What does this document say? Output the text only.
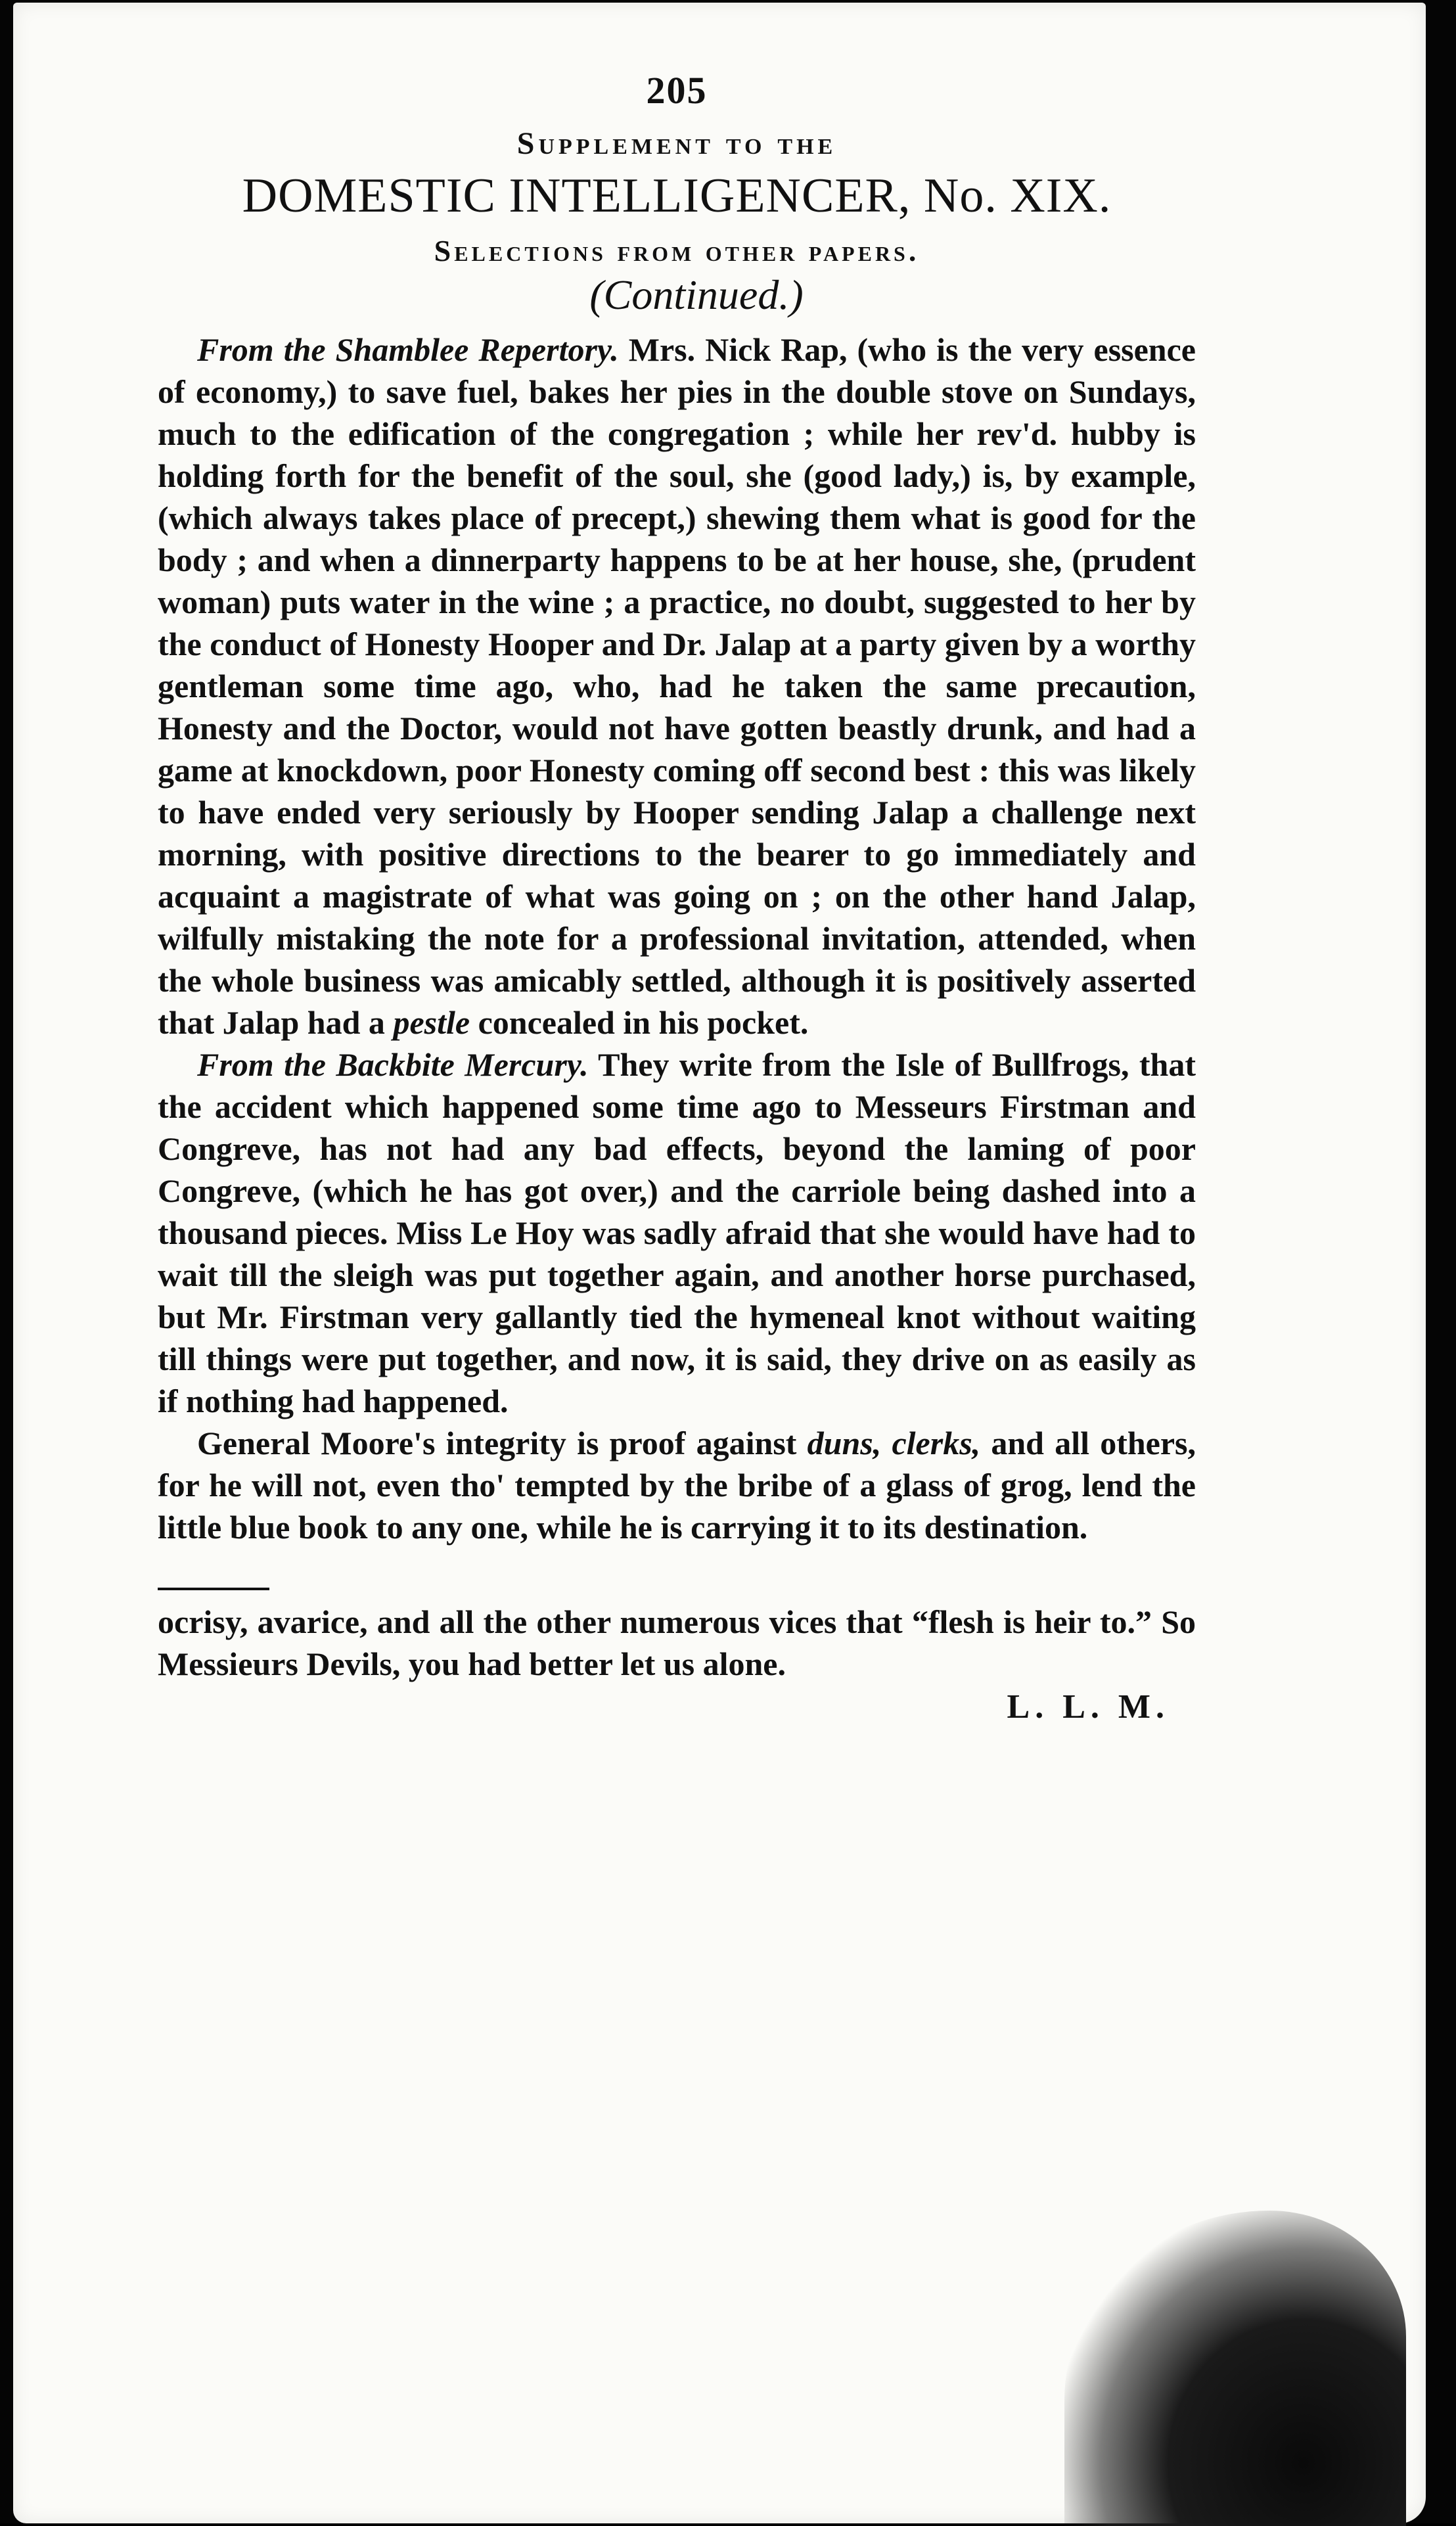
205
Supplement to the
DOMESTIC INTELLIGENCER, No. XIX.
Selections from other papers.
(Continued.)

From the Shamblee Repertory. Mrs. Nick Rap, (who is the very essence of economy,) to save fuel, bakes her pies in the double stove on Sundays, much to the edification of the congregation ; while her rev'd. hubby is holding forth for the benefit of the soul, she (good lady,) is, by example, (which always takes place of precept,) shewing them what is good for the body ; and when a dinnerparty happens to be at her house, she, (prudent woman) puts water in the wine ; a practice, no doubt, suggested to her by the conduct of Honesty Hooper and Dr. Jalap at a party given by a worthy gentleman some time ago, who, had he taken the same precaution, Honesty and the Doctor, would not have gotten beastly drunk, and had a game at knockdown, poor Honesty coming off second best : this was likely to have ended very seriously by Hooper sending Jalap a challenge next morning, with positive directions to the bearer to go immediately and acquaint a magistrate of what was going on ; on the other hand Jalap, wilfully mistaking the note for a professional invitation, attended, when the whole business was amicably settled, although it is positively asserted that Jalap had a pestle concealed in his pocket.

From the Backbite Mercury. They write from the Isle of Bullfrogs, that the accident which happened some time ago to Messeurs Firstman and Congreve, has not had any bad effects, beyond the laming of poor Congreve, (which he has got over,) and the carriole being dashed into a thousand pieces. Miss Le Hoy was sadly afraid that she would have had to wait till the sleigh was put together again, and another horse purchased, but Mr. Firstman very gallantly tied the hymeneal knot without waiting till things were put together, and now, it is said, they drive on as easily as if nothing had happened.

General Moore's integrity is proof against duns, clerks, and all others, for he will not, even tho' tempted by the bribe of a glass of grog, lend the little blue book to any one, while he is carrying it to its destination.

ocrisy, avarice, and all the other numerous vices that “flesh is heir to.” So Messieurs Devils, you had better let us alone.

L. L. M.
